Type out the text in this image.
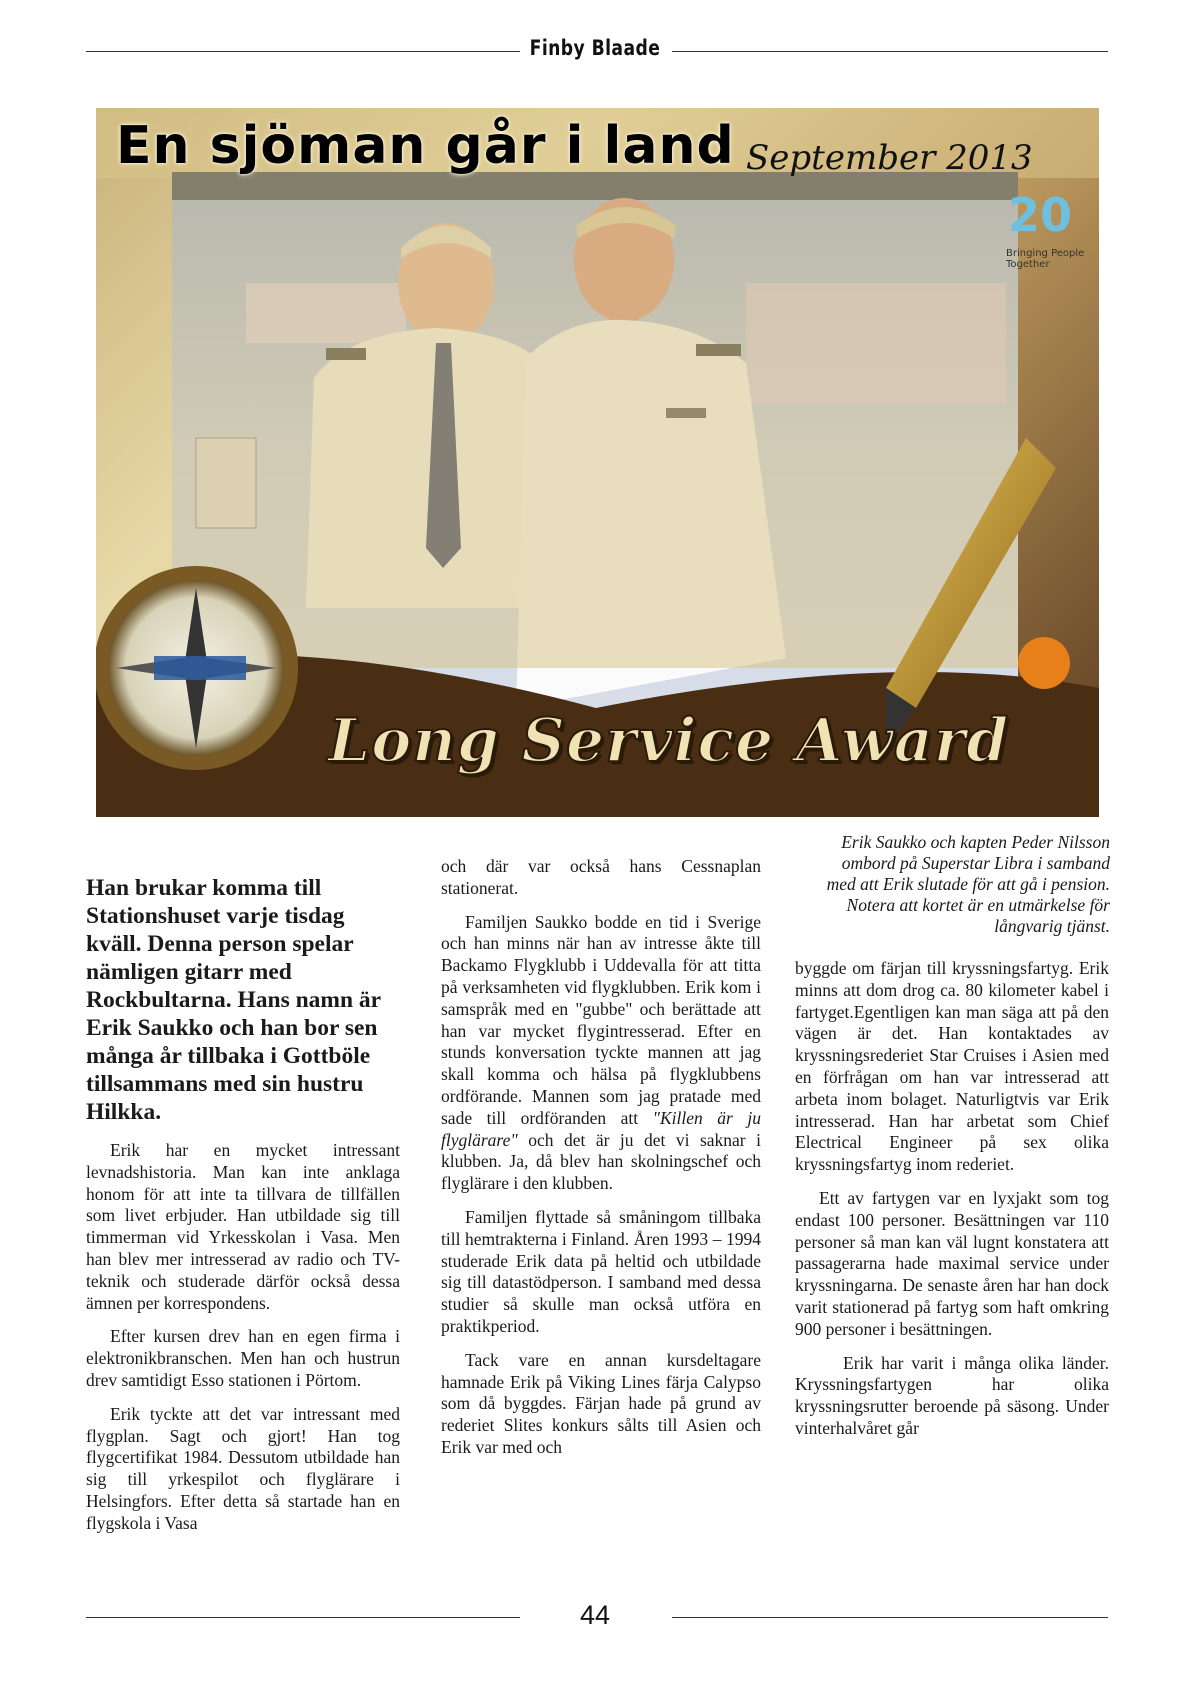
Finby Blaade
En sjöman går i land September 2013
20
Bringing People Together
Long Service Award

Erik Saukko och kapten Peder Nilsson

ombord på Superstar Libra i samband

med att Erik slutade för att gå i pension.

Notera att kortet är en utmärkelse för

långvarig tjänst.

Han brukar komma till Stationshuset varje tisdag kväll. Denna person spelar nämligen gitarr med Rockbultarna. Hans namn är Erik Saukko och han bor sen många år tillbaka i Gottböle tillsammans med sin hustru Hilkka.

Erik har en mycket intressant levnadshistoria. Man kan inte anklaga honom för att inte ta tillvara de tillfällen som livet erbjuder. Han utbildade sig till timmerman vid Yrkesskolan i Vasa. Men han blev mer intresserad av radio och TV-teknik och studerade därför också dessa ämnen per korrespondens.

Efter kursen drev han en egen firma i elektronikbranschen. Men han och hustrun drev samtidigt Esso stationen i Pörtom.

Erik tyckte att det var intressant med flygplan. Sagt och gjort! Han tog flygcertifikat 1984. Dessutom utbildade han sig till yrkespilot och flyglärare i Helsingfors. Efter detta så startade han en flygskola i Vasa

och där var också hans Cessnaplan stationerat.

Familjen Saukko bodde en tid i Sverige och han minns när han av intresse åkte till Backamo Flygklubb i Uddevalla för att titta på verksamheten vid flygklubben. Erik kom i samspråk med en "gubbe" och berättade att han var mycket flygintresserad. Efter en stunds konversation tyckte mannen att jag skall komma och hälsa på flygklubbens ordförande. Mannen som jag pratade med sade till ordföranden att "Killen är ju flyglärare" och det är ju det vi saknar i klubben. Ja, då blev han skolningschef och flyglärare i den klubben.

Familjen flyttade så småningom tillbaka till hemtrakterna i Finland. Åren 1993 – 1994 studerade Erik data på heltid och utbildade sig till datastödperson. I samband med dessa studier så skulle man också utföra en praktikperiod.

Tack vare en annan kursdeltagare hamnade Erik på Viking Lines färja Calypso som då byggdes. Färjan hade på grund av rederiet Slites konkurs sålts till Asien och Erik var med och

byggde om färjan till kryssningsfartyg. Erik minns att dom drog ca. 80 kilometer kabel i fartyget.Egentligen kan man säga att på den vägen är det. Han kontaktades av kryssningsrederiet Star Cruises i Asien med en förfrågan om han var intresserad att arbeta inom bolaget. Naturligtvis var Erik intresserad. Han har arbetat som Chief Electrical Engineer på sex olika kryssningsfartyg inom rederiet.

Ett av fartygen var en lyxjakt som tog endast 100 personer. Besättningen var 110 personer så man kan väl lugnt konstatera att passagerarna hade maximal service under kryssningarna. De senaste åren har han dock varit stationerad på fartyg som haft omkring 900 personer i besättningen.

Erik har varit i många olika länder. Kryssningsfartygen har olika kryssningsrutter beroende på säsong. Under vinterhalvåret går

44
